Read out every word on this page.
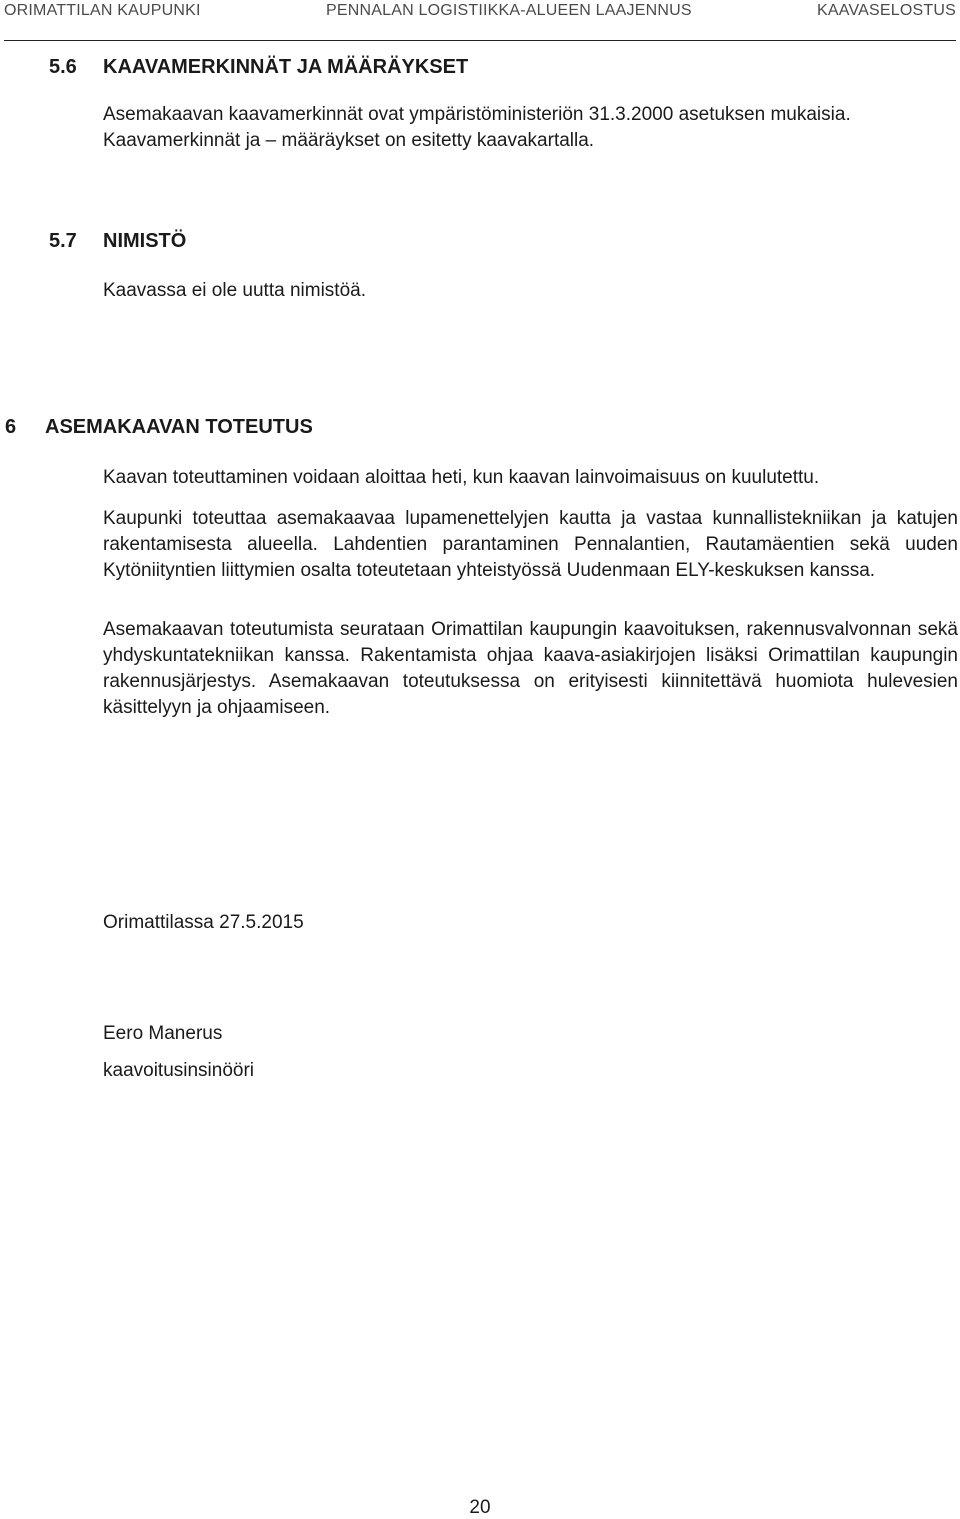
ORIMATTILAN KAUPUNKI	PENNALAN LOGISTIIKKA-ALUEEN LAAJENNUS	KAAVASELOSTUS
5.6 KAAVAMERKINNÄT JA MÄÄRÄYKSET
Asemakaavan kaavamerkinnät ovat ympäristöministeriön 31.3.2000 asetuksen mukaisia.
Kaavamerkinnät ja – määräykset on esitetty kaavakartalla.
5.7 NIMISTÖ
Kaavassa ei ole uutta nimistöä.
6 ASEMAKAAVAN TOTEUTUS
Kaavan toteuttaminen voidaan aloittaa heti, kun kaavan lainvoimaisuus on kuulutettu.

Kaupunki toteuttaa asemakaavaa lupamenettelyjen kautta ja vastaa kunnallistekniikan ja katujen rakentamisesta alueella. Lahdentien parantaminen Pennalantien, Rautamäentien sekä uuden Kytöniityntien liittymien osalta toteutetaan yhteistyössä Uudenmaan ELY-keskuksen kanssa.

Asemakaavan toteutumista seurataan Orimattilan kaupungin kaavoituksen, rakennusvalvonnan sekä yhdyskuntatekniikan kanssa. Rakentamista ohjaa kaava-asiakirjojen lisäksi Orimattilan kaupungin rakennusjärjestys. Asemakaavan toteutuksessa on erityisesti kiinnitettävä huomiota hulevesien käsittelyyn ja ohjaamiseen.

Orimattilassa 27.5.2015
Eero Manerus
kaavoitusinsinööri
20
